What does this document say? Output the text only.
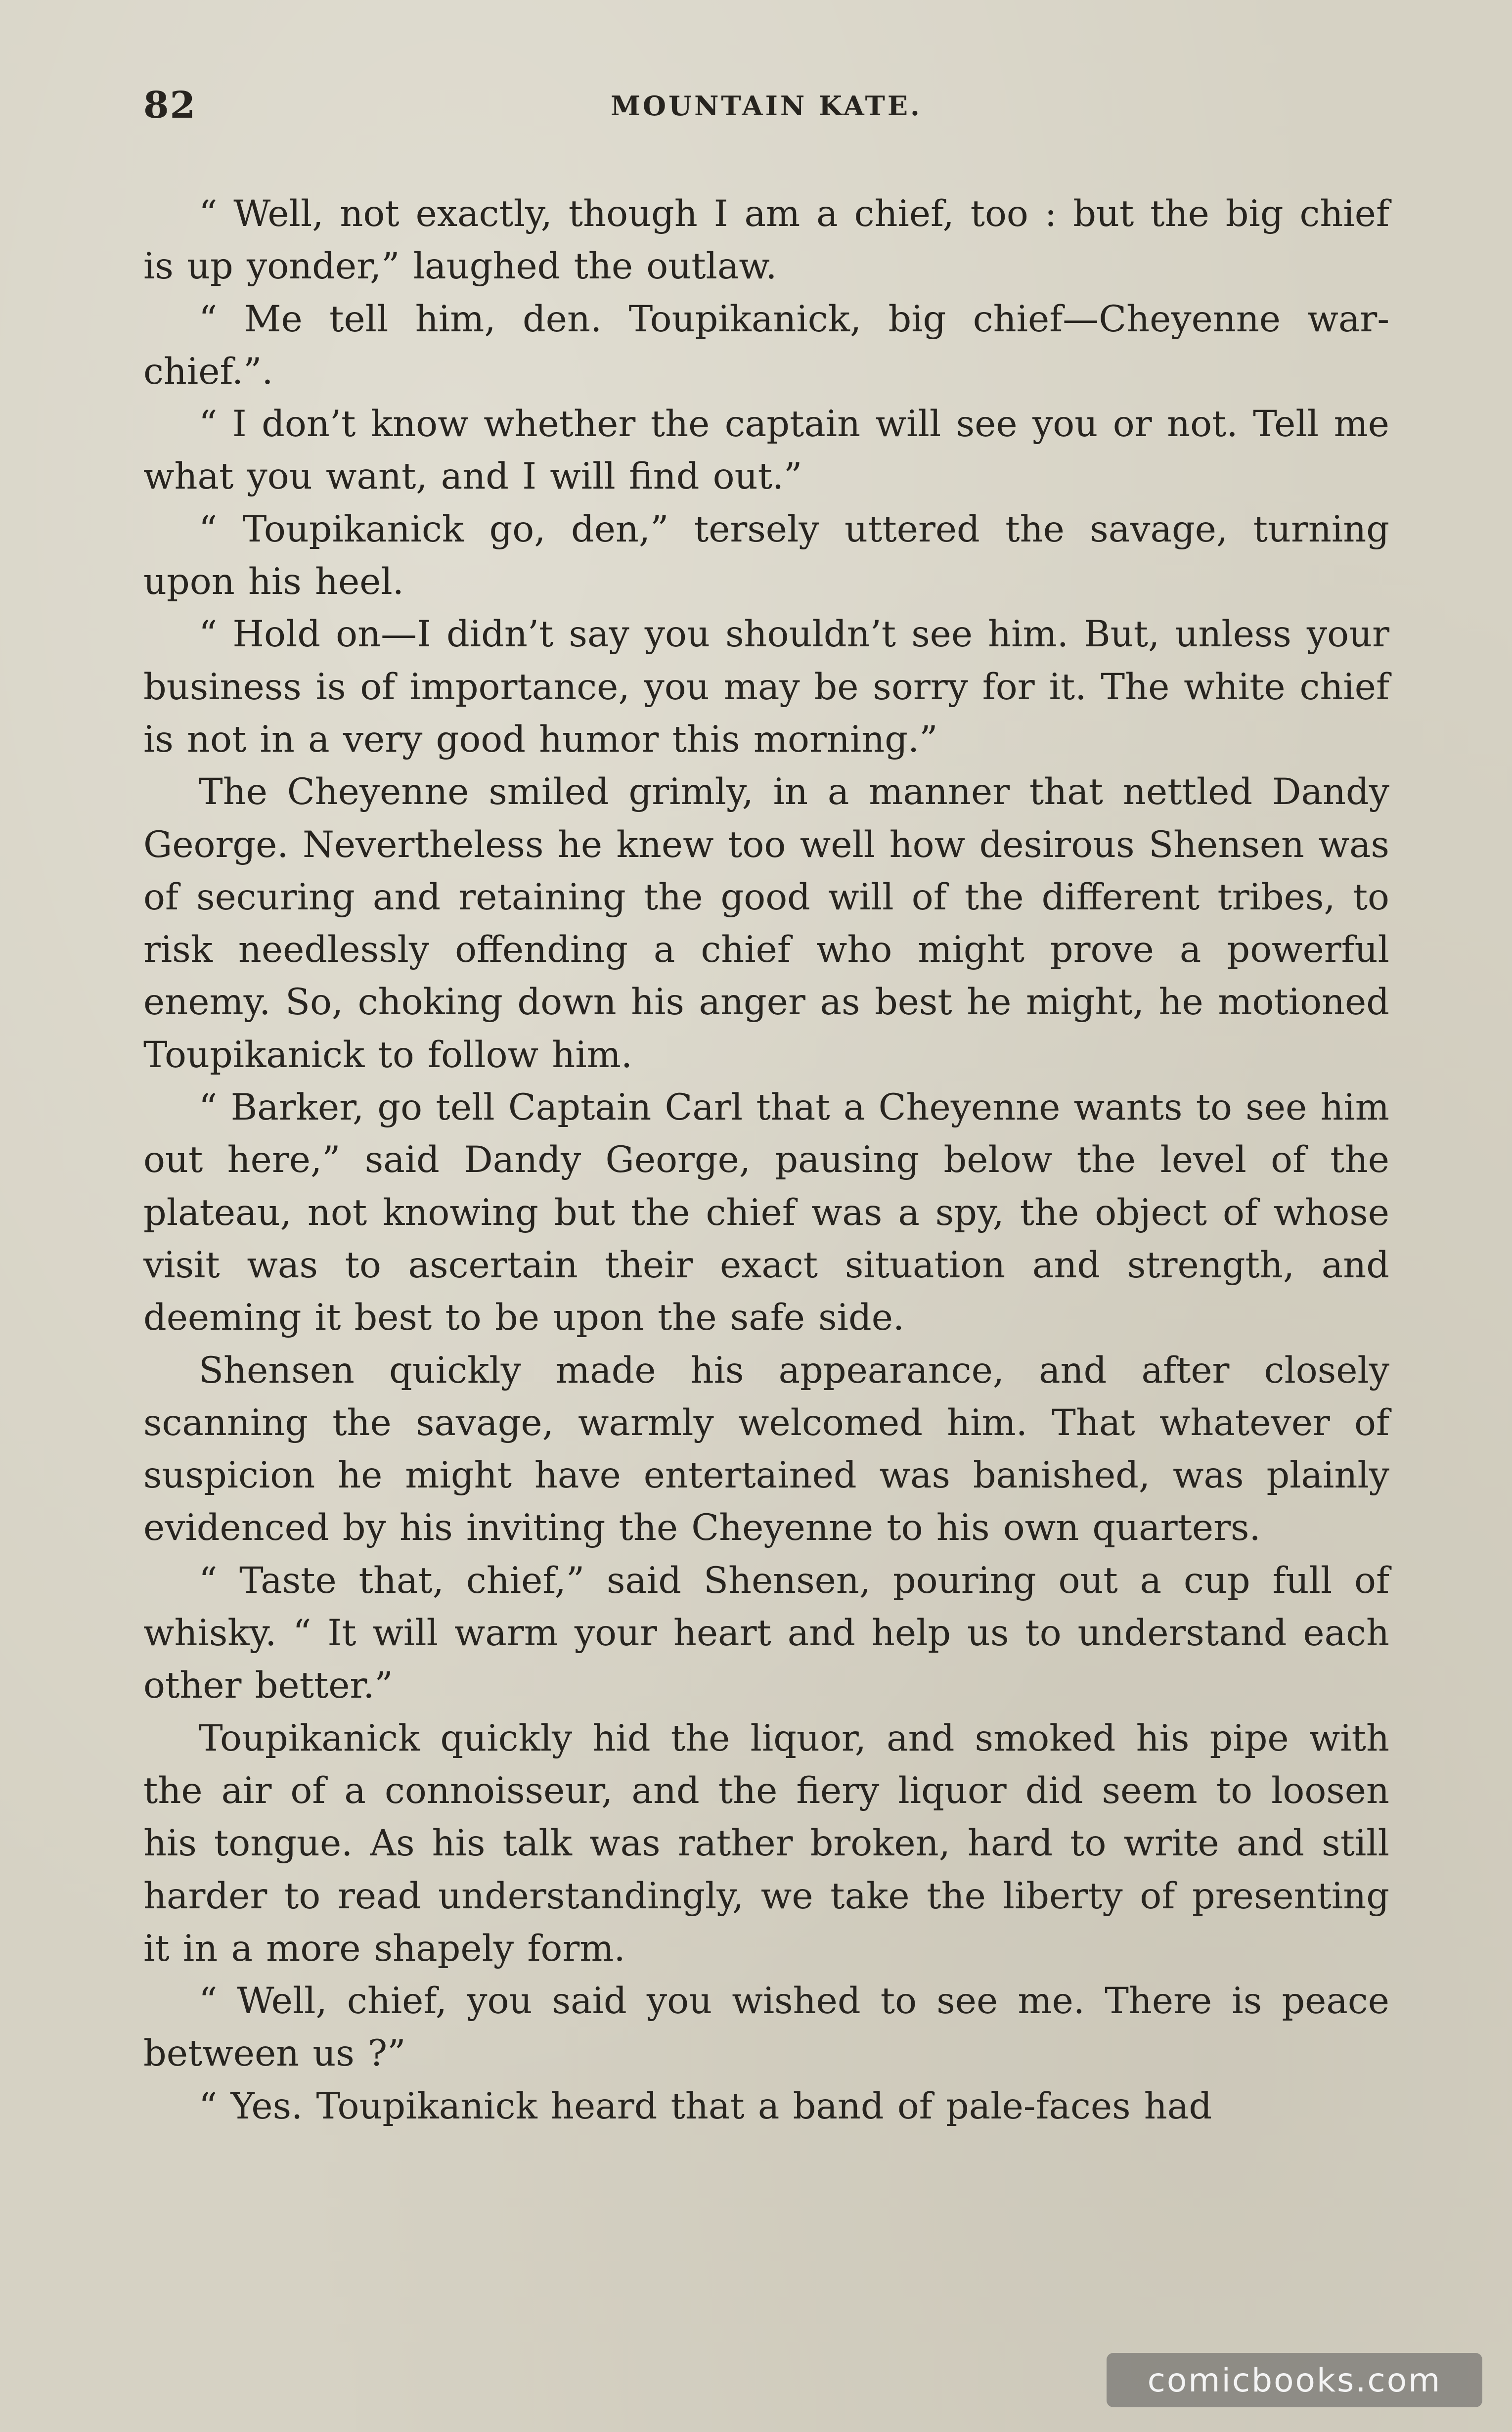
82	MOUNTAIN KATE.

“ Well, not exactly, though I am a chief, too : but the big chief is up yonder,” laughed the outlaw.

“ Me tell him, den. Toupikanick, big chief—Cheyenne war-chief.”.

“ I don’t know whether the captain will see you or not. Tell me what you want, and I will find out.”

“ Toupikanick go, den,” tersely uttered the savage, turning upon his heel.

“ Hold on—I didn’t say you shouldn’t see him. But, unless your business is of importance, you may be sorry for it. The white chief is not in a very good humor this morning.”

The Cheyenne smiled grimly, in a manner that nettled Dandy George. Nevertheless he knew too well how desirous Shensen was of securing and retaining the good will of the different tribes, to risk needlessly offending a chief who might prove a powerful enemy. So, choking down his anger as best he might, he motioned Toupikanick to follow him.

“ Barker, go tell Captain Carl that a Cheyenne wants to see him out here,” said Dandy George, pausing below the level of the plateau, not knowing but the chief was a spy, the object of whose visit was to ascertain their exact situation and strength, and deeming it best to be upon the safe side.

Shensen quickly made his appearance, and after closely scanning the savage, warmly welcomed him. That whatever of suspicion he might have entertained was banished, was plainly evidenced by his inviting the Cheyenne to his own quarters.

“ Taste that, chief,” said Shensen, pouring out a cup full of whisky. “ It will warm your heart and help us to understand each other better.”

Toupikanick quickly hid the liquor, and smoked his pipe with the air of a connoisseur, and the fiery liquor did seem to loosen his tongue. As his talk was rather broken, hard to write and still harder to read understandingly, we take the liberty of presenting it in a more shapely form.

“ Well, chief, you said you wished to see me. There is peace between us ?”

“ Yes. Toupikanick heard that a band of pale-faces had

comicbooks.com
